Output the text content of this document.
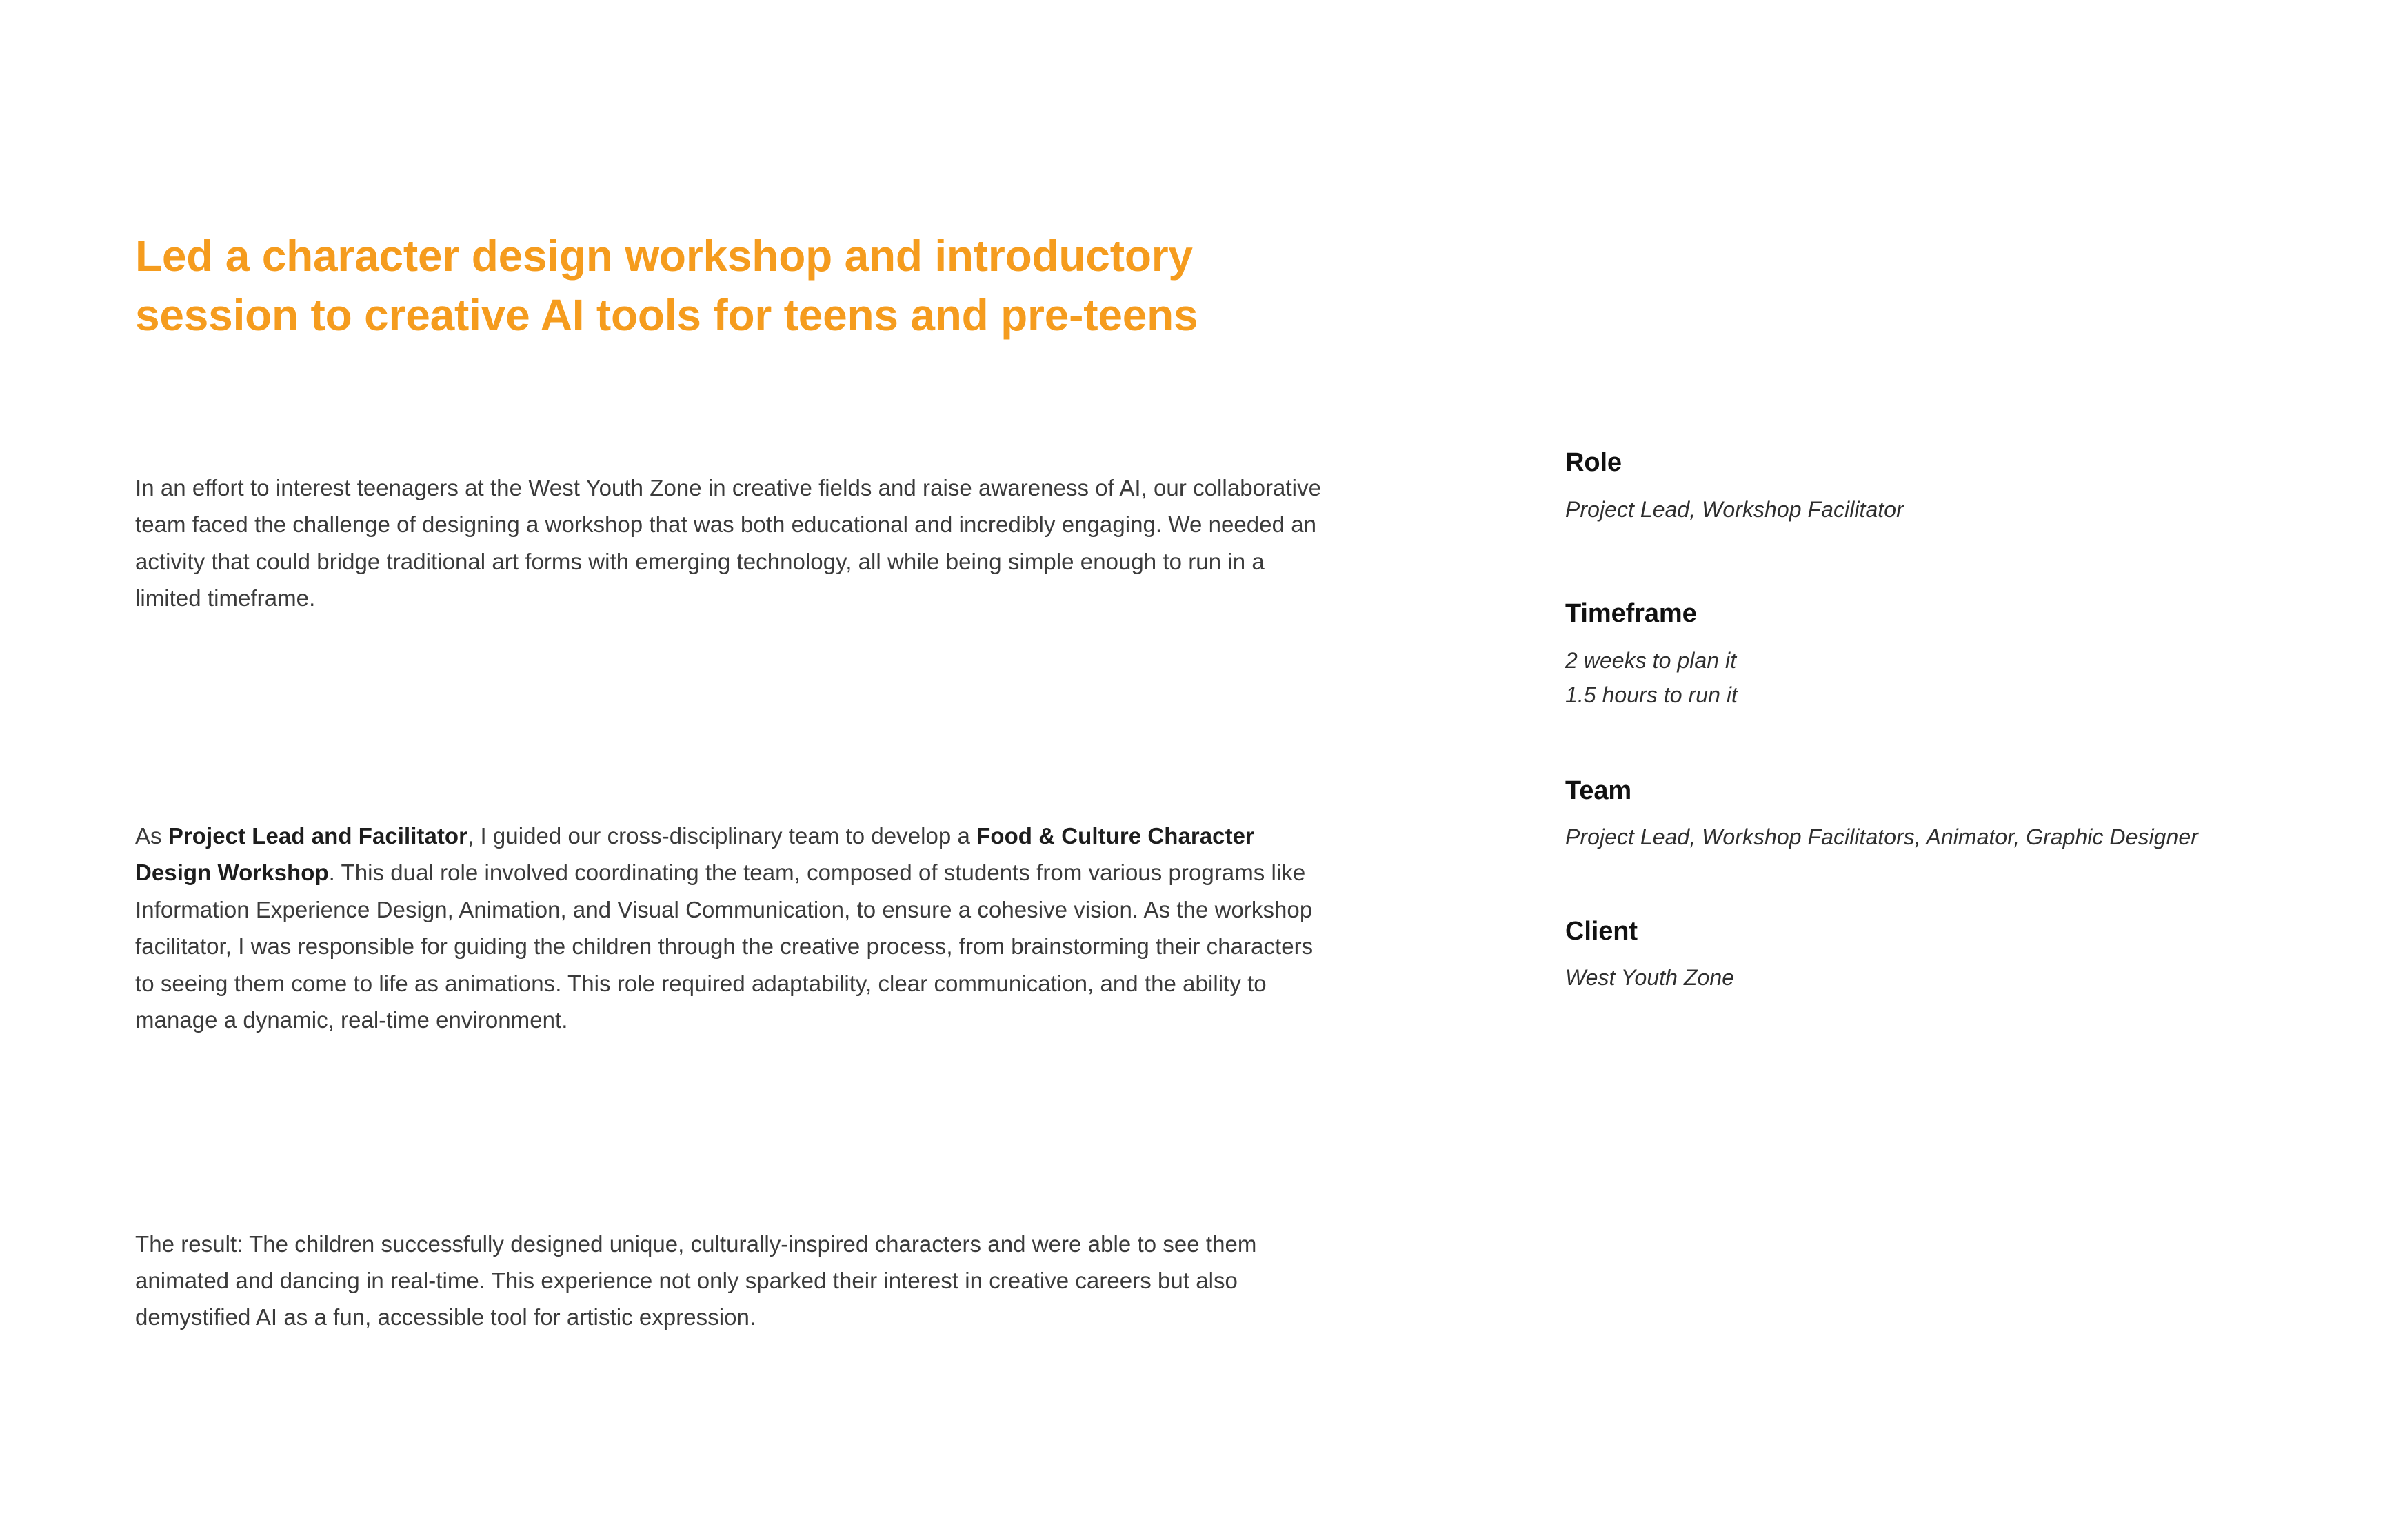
Led a character design workshop and introductory session to creative AI tools for teens and pre-teens

In an effort to interest teenagers at the West Youth Zone in creative fields and raise awareness of AI, our collaborative team faced the challenge of designing a workshop that was both educational and incredibly engaging. We needed an activity that could bridge traditional art forms with emerging technology, all while being simple enough to run in a limited timeframe.

As Project Lead and Facilitator, I guided our cross-disciplinary team to develop a Food & Culture Character Design Workshop. This dual role involved coordinating the team, composed of students from various programs like Information Experience Design, Animation, and Visual Communication, to ensure a cohesive vision. As the workshop facilitator, I was responsible for guiding the children through the creative process, from brainstorming their characters to seeing them come to life as animations. This role required adaptability, clear communication, and the ability to manage a dynamic, real-time environment.

The result: The children successfully designed unique, culturally-inspired characters and were able to see them animated and dancing in real-time. This experience not only sparked their interest in creative careers but also demystified AI as a fun, accessible tool for artistic expression.

Role
Project Lead, Workshop Facilitator
Timeframe
2 weeks to plan it
1.5 hours to run it
Team
Project Lead, Workshop Facilitators, Animator, Graphic Designer
Client
West Youth Zone
